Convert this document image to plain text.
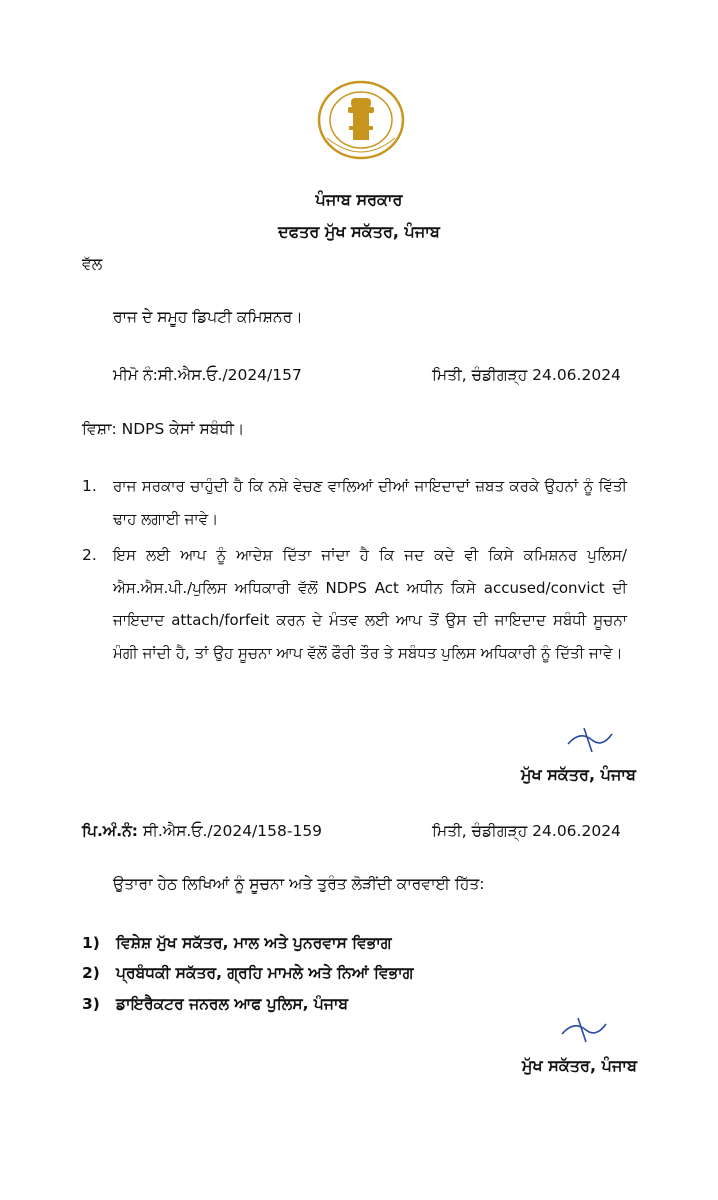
ਪੰਜਾਬ ਸਰਕਾਰ
ਦਫਤਰ ਮੁੱਖ ਸਕੱਤਰ, ਪੰਜਾਬ
ਵੱਲ
ਰਾਜ ਦੇ ਸਮੂਹ ਡਿਪਟੀ ਕਮਿਸ਼ਨਰ।
ਮੀਮੋ ਨੰ:ਸੀ.ਐਸ.ਓ./2024/157	ਮਿਤੀ, ਚੰਡੀਗੜ੍ਹ 24.06.2024
ਵਿਸ਼ਾ: NDPS ਕੇਸਾਂ ਸਬੰਧੀ।
1. ਰਾਜ ਸਰਕਾਰ ਚਾਹੁੰਦੀ ਹੈ ਕਿ ਨਸ਼ੇ ਵੇਚਣ ਵਾਲਿਆਂ ਦੀਆਂ ਜਾਇਦਾਦਾਂ ਜ਼ਬਤ ਕਰਕੇ ਉਹਨਾਂ ਨੂੰ ਵਿੱਤੀ ਢਾਹ ਲਗਾਈ ਜਾਵੇ।
2. ਇਸ ਲਈ ਆਪ ਨੂੰ ਆਦੇਸ਼ ਦਿੱਤਾ ਜਾਂਦਾ ਹੈ ਕਿ ਜਦ ਕਦੇ ਵੀ ਕਿਸੇ ਕਮਿਸ਼ਨਰ ਪੁਲਿਸ/ਐਸ.ਐਸ.ਪੀ./ਪੁਲਿਸ ਅਧਿਕਾਰੀ ਵੱਲੋਂ NDPS Act ਅਧੀਨ ਕਿਸੇ accused/convict ਦੀ ਜਾਇਦਾਦ attach/forfeit ਕਰਨ ਦੇ ਮੰਤਵ ਲਈ ਆਪ ਤੋਂ ਉਸ ਦੀ ਜਾਇਦਾਦ ਸਬੰਧੀ ਸੂਚਨਾ ਮੰਗੀ ਜਾਂਦੀ ਹੈ, ਤਾਂ ਉਹ ਸੂਚਨਾ ਆਪ ਵੱਲੋਂ ਫੌਰੀ ਤੌਰ ਤੇ ਸਬੰਧਤ ਪੁਲਿਸ ਅਧਿਕਾਰੀ ਨੂੰ ਦਿੱਤੀ ਜਾਵੇ।
ਮੁੱਖ ਸਕੱਤਰ, ਪੰਜਾਬ
ਪਿ.ਅੰ.ਨੰ: ਸੀ.ਐਸ.ਓ./2024/158-159	ਮਿਤੀ, ਚੰਡੀਗੜ੍ਹ 24.06.2024
ਉਤਾਰਾ ਹੇਠ ਲਿਖਿਆਂ ਨੂੰ ਸੂਚਨਾ ਅਤੇ ਤੁਰੰਤ ਲੋੜੀਂਦੀ ਕਾਰਵਾਈ ਹਿੱਤ:
1) ਵਿਸ਼ੇਸ਼ ਮੁੱਖ ਸਕੱਤਰ, ਮਾਲ ਅਤੇ ਪੁਨਰਵਾਸ ਵਿਭਾਗ
2) ਪ੍ਰਬੰਧਕੀ ਸਕੱਤਰ, ਗ੍ਰਹਿ ਮਾਮਲੇ ਅਤੇ ਨਿਆਂ ਵਿਭਾਗ
3) ਡਾਇਰੈਕਟਰ ਜਨਰਲ ਆਫ ਪੁਲਿਸ, ਪੰਜਾਬ
ਮੁੱਖ ਸਕੱਤਰ, ਪੰਜਾਬ
